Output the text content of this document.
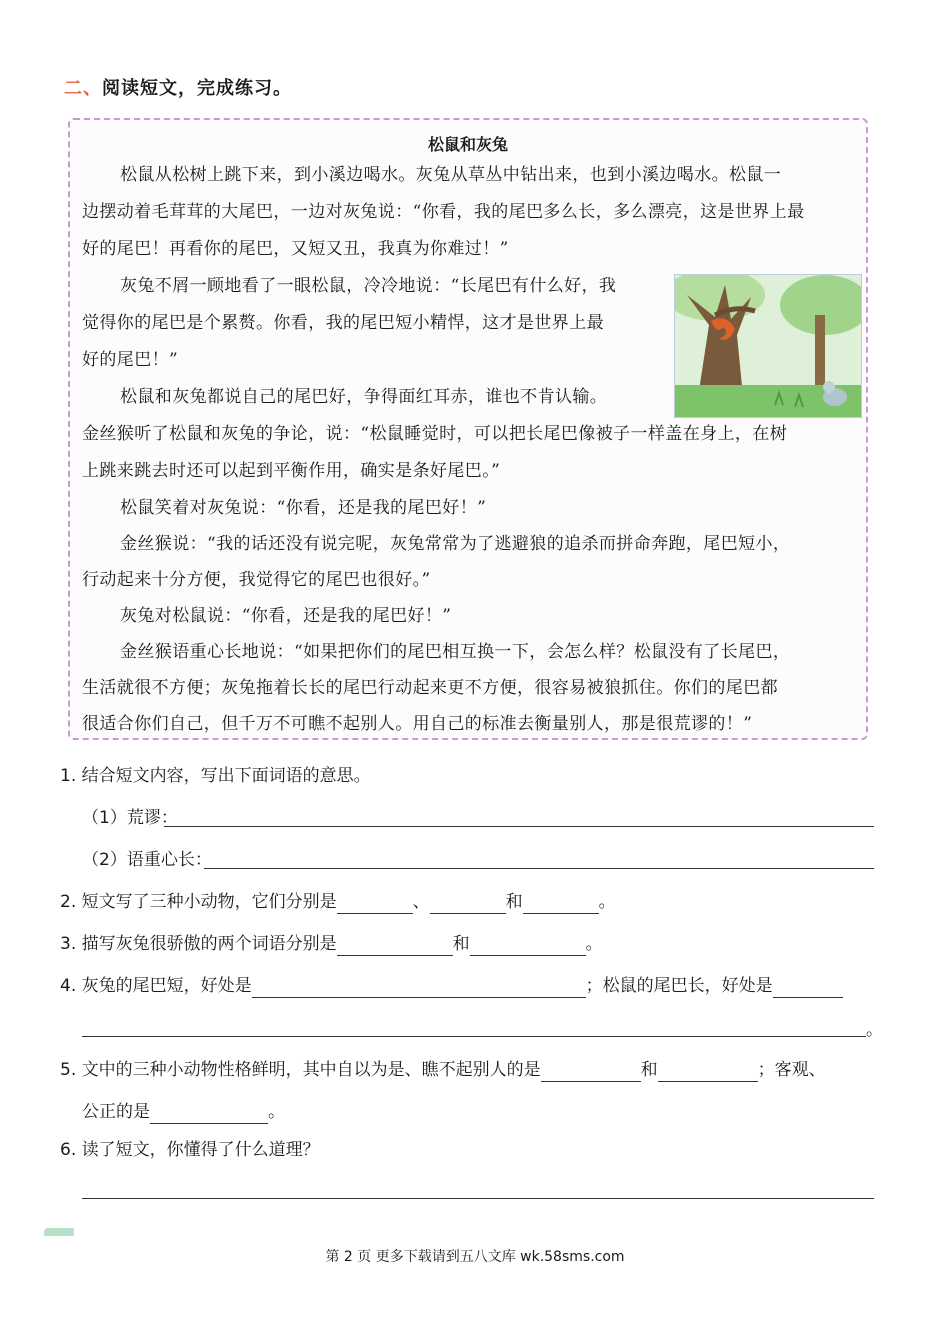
二、阅读短文，完成练习。
松鼠和灰兔
松鼠从松树上跳下来，到小溪边喝水。灰兔从草丛中钻出来，也到小溪边喝水。松鼠一
边摆动着毛茸茸的大尾巴，一边对灰兔说：“你看，我的尾巴多么长，多么漂亮，这是世界上最
好的尾巴！再看你的尾巴，又短又丑，我真为你难过！”
灰兔不屑一顾地看了一眼松鼠，冷冷地说：“长尾巴有什么好，我
觉得你的尾巴是个累赘。你看，我的尾巴短小精悍，这才是世界上最
好的尾巴！”
松鼠和灰兔都说自己的尾巴好，争得面红耳赤，谁也不肯认输。
金丝猴听了松鼠和灰兔的争论，说：“松鼠睡觉时，可以把长尾巴像被子一样盖在身上，在树
上跳来跳去时还可以起到平衡作用，确实是条好尾巴。”
松鼠笑着对灰兔说：“你看，还是我的尾巴好！”
金丝猴说：“我的话还没有说完呢，灰兔常常为了逃避狼的追杀而拼命奔跑，尾巴短小，
行动起来十分方便，我觉得它的尾巴也很好。”
灰兔对松鼠说：“你看，还是我的尾巴好！”
金丝猴语重心长地说：“如果把你们的尾巴相互换一下，会怎么样？松鼠没有了长尾巴，
生活就很不方便；灰兔拖着长长的尾巴行动起来更不方便，很容易被狼抓住。你们的尾巴都
很适合你们自己，但千万不可瞧不起别人。用自己的标准去衡量别人，那是很荒谬的！”
1. 结合短文内容，写出下面词语的意思。
（1）荒谬：
（2）语重心长：
2. 短文写了三种小动物，它们分别是	、	和	。
3. 描写灰兔很骄傲的两个词语分别是	和	。
4. 灰兔的尾巴短，好处是	；松鼠的尾巴长，好处是
。
5. 文中的三种小动物性格鲜明，其中自以为是、瞧不起别人的是	和	；客观、
公正的是	。
6. 读了短文，你懂得了什么道理？
第 2 页 更多下载请到五八文库 wk.58sms.com
